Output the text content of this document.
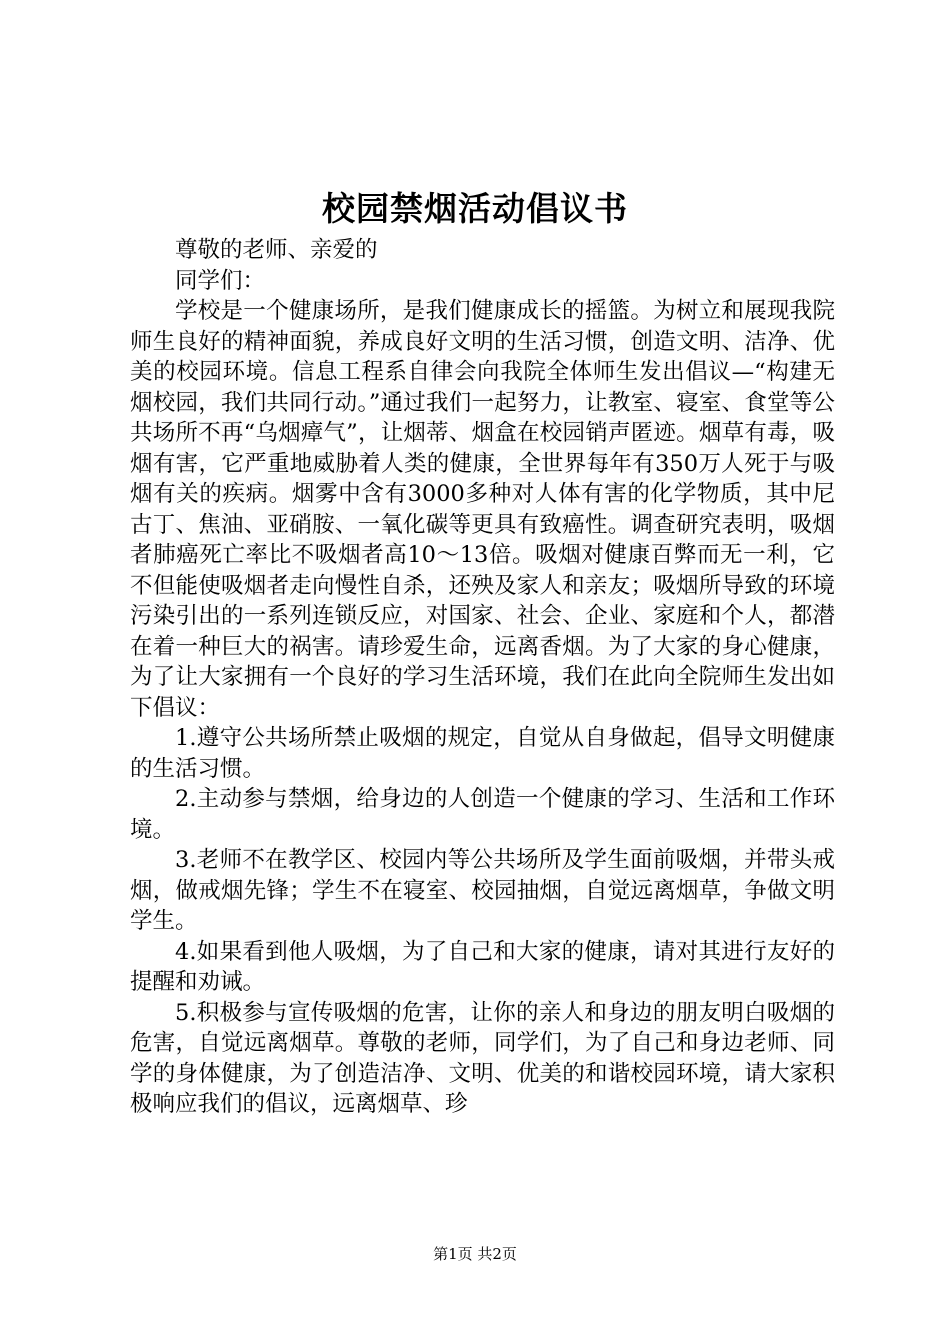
校园禁烟活动倡议书

尊敬的老师、亲爱的

同学们：

学校是一个健康场所，是我们健康成长的摇篮。为树立和展现我院师生良好的精神面貌，养成良好文明的生活习惯，创造文明、洁净、优美的校园环境。信息工程系自律会向我院全体师生发出倡议—“构建无烟校园，我们共同行动。”通过我们一起努力，让教室、寝室、食堂等公共场所不再“乌烟瘴气”，让烟蒂、烟盒在校园销声匿迹。烟草有毒，吸烟有害，它严重地威胁着人类的健康，全世界每年有350万人死于与吸烟有关的疾病。烟雾中含有3000多种对人体有害的化学物质，其中尼古丁、焦油、亚硝胺、一氧化碳等更具有致癌性。调查研究表明，吸烟者肺癌死亡率比不吸烟者高10～13倍。吸烟对健康百弊而无一利，它不但能使吸烟者走向慢性自杀，还殃及家人和亲友；吸烟所导致的环境污染引出的一系列连锁反应，对国家、社会、企业、家庭和个人，都潜在着一种巨大的祸害。请珍爱生命，远离香烟。为了大家的身心健康，为了让大家拥有一个良好的学习生活环境，我们在此向全院师生发出如下倡议：

1.遵守公共场所禁止吸烟的规定，自觉从自身做起，倡导文明健康的生活习惯。

2.主动参与禁烟，给身边的人创造一个健康的学习、生活和工作环境。

3.老师不在教学区、校园内等公共场所及学生面前吸烟，并带头戒烟，做戒烟先锋；学生不在寝室、校园抽烟，自觉远离烟草，争做文明学生。

4.如果看到他人吸烟，为了自己和大家的健康，请对其进行友好的提醒和劝诫。

5.积极参与宣传吸烟的危害，让你的亲人和身边的朋友明白吸烟的危害，自觉远离烟草。尊敬的老师，同学们，为了自己和身边老师、同学的身体健康，为了创造洁净、文明、优美的和谐校园环境，请大家积极响应我们的倡议，远离烟草、珍

第1页 共2页
